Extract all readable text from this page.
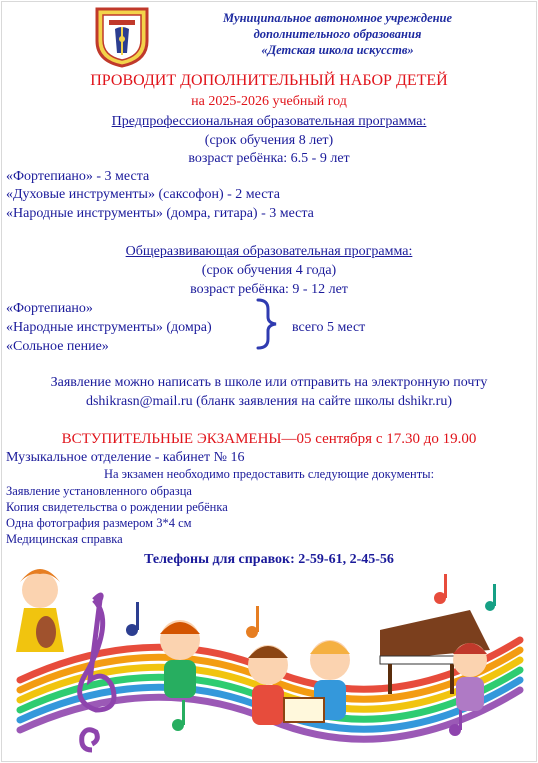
Муниципальное автономное учреждение
дополнительного образования
«Детская школа искусств»
ПРОВОДИТ ДОПОЛНИТЕЛЬНЫЙ НАБОР ДЕТЕЙ
на 2025-2026 учебный год
Предпрофессиональная образовательная программа:
(срок обучения 8 лет)
возраст ребёнка: 6.5 - 9 лет
«Фортепиано» - 3 места
«Духовые инструменты» (саксофон) - 2 места
«Народные инструменты» (домра, гитара) - 3 места
Общеразвивающая образовательная программа:
(срок обучения 4 года)
возраст ребёнка: 9 - 12 лет
«Фортепиано»
«Народные инструменты» (домра)
«Сольное пение»
всего 5 мест
Заявление можно написать в школе или отправить на электронную почту
dshikrasn@mail.ru (бланк заявления на сайте школы dshikr.ru)
ВСТУПИТЕЛЬНЫЕ ЭКЗАМЕНЫ—05 сентября с 17.30 до 19.00
Музыкальное отделение - кабинет № 16
На экзамен необходимо предоставить следующие документы:
Заявление установленного образца
Копия свидетельства о рождении ребёнка
Одна фотография размером 3*4 см
Медицинская справка
Телефоны для справок: 2-59-61, 2-45-56
